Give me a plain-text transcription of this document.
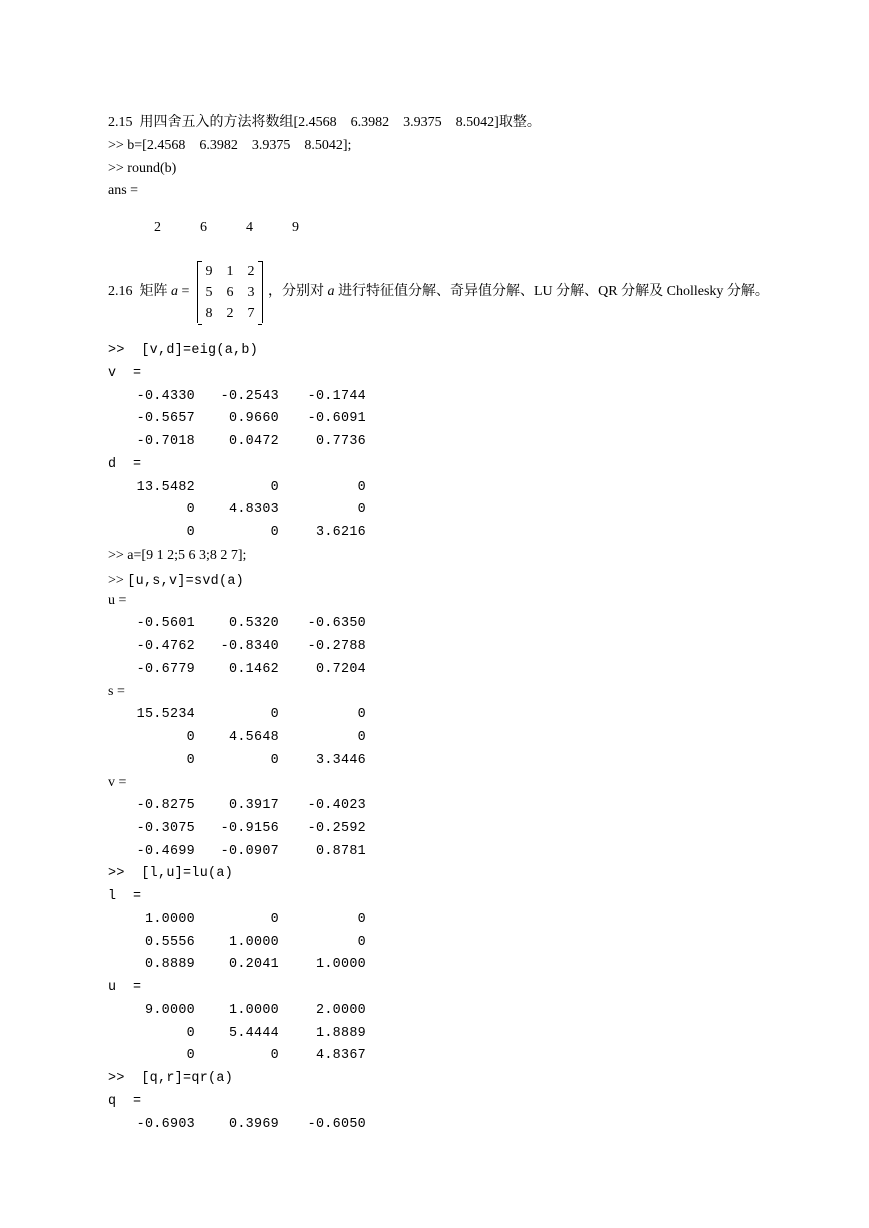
2.15  用四舍五入的方法将数组[2.4568    6.3982    3.9375    8.5042]取整。
>> b=[2.4568    6.3982    3.9375    8.5042];
>> round(b)
ans =

2	6	4	9

2.16  矩阵 a =
9 1 2
5 6 3
8 2 7
，分别对 a 进行特征值分解、奇异值分解、LU 分解、QR 分解及 Chollesky 分解。
>>  [v,d]=eig(a,b)
v  =
-0.4330	-0.2543	-0.1744
-0.5657	0.9660	-0.6091
-0.7018	0.0472	0.7736
d  =
13.5482	0	0
0	4.8303	0
0	0	3.6216
>> a=[9 1 2;5 6 3;8 2 7];
>> [u,s,v]=svd(a)
u =
-0.5601	0.5320	-0.6350
-0.4762	-0.8340	-0.2788
-0.6779	0.1462	0.7204
s =
15.5234	0	0
0	4.5648	0
0	0	3.3446
v =
-0.8275	0.3917	-0.4023
-0.3075	-0.9156	-0.2592
-0.4699	-0.0907	0.8781
>>  [l,u]=lu(a)
l  =
1.0000	0	0
0.5556	1.0000	0
0.8889	0.2041	1.0000
u  =
9.0000	1.0000	2.0000
0	5.4444	1.8889
0	0	4.8367
>>  [q,r]=qr(a)
q  =
-0.6903	0.3969	-0.6050
